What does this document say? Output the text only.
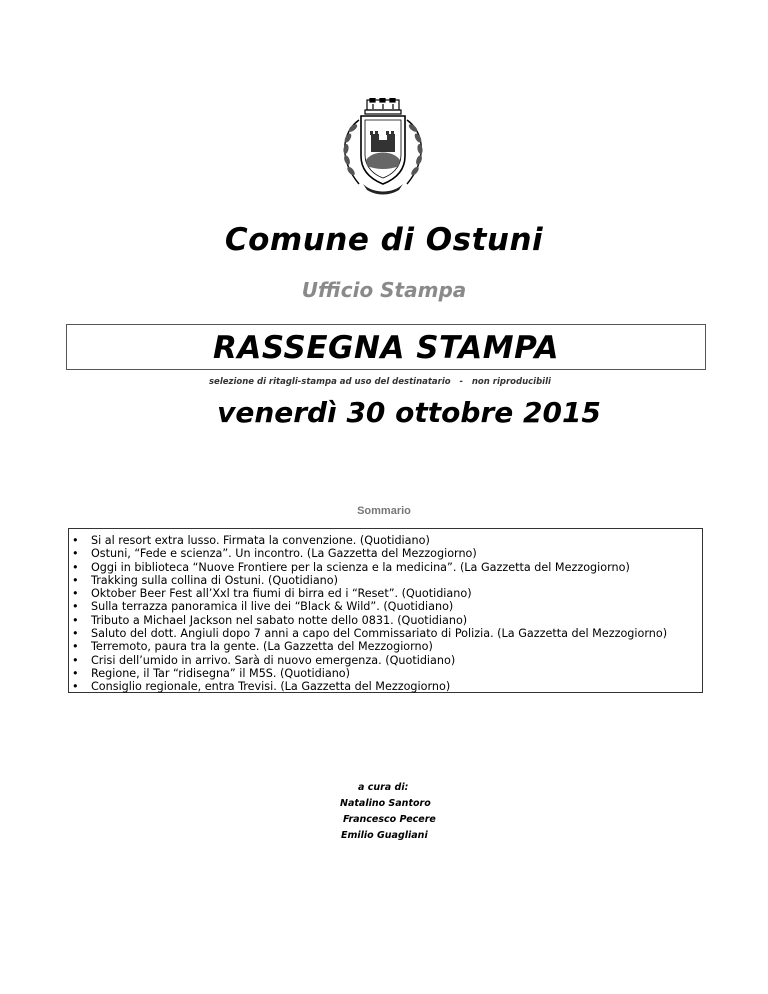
Comune di Ostuni
Ufficio Stampa
RASSEGNA STAMPA
selezione di ritagli-stampa ad uso del destinatario   -   non riproducibili
venerdì 30 ottobre 2015
Sommario
• Si al resort extra lusso. Firmata la convenzione. (Quotidiano)
• Ostuni, “Fede e scienza”. Un incontro. (La Gazzetta del Mezzogiorno)
• Oggi in biblioteca “Nuove Frontiere per la scienza e la medicina”. (La Gazzetta del Mezzogiorno)
• Trakking sulla collina di Ostuni. (Quotidiano)
• Oktober Beer Fest all’Xxl tra fiumi di birra ed i “Reset”. (Quotidiano)
• Sulla terrazza panoramica il live dei “Black & Wild”. (Quotidiano)
• Tributo a Michael Jackson nel sabato notte dello 0831. (Quotidiano)
• Saluto del dott. Angiuli dopo 7 anni a capo del Commissariato di Polizia. (La Gazzetta del Mezzogiorno)
• Terremoto, paura tra la gente. (La Gazzetta del Mezzogiorno)
• Crisi dell’umido in arrivo. Sarà di nuovo emergenza. (Quotidiano)
• Regione, il Tar “ridisegna” il M5S. (Quotidiano)
• Consiglio regionale, entra Trevisi. (La Gazzetta del Mezzogiorno)
a cura di:
Natalino Santoro
Francesco Pecere
Emilio Guagliani
